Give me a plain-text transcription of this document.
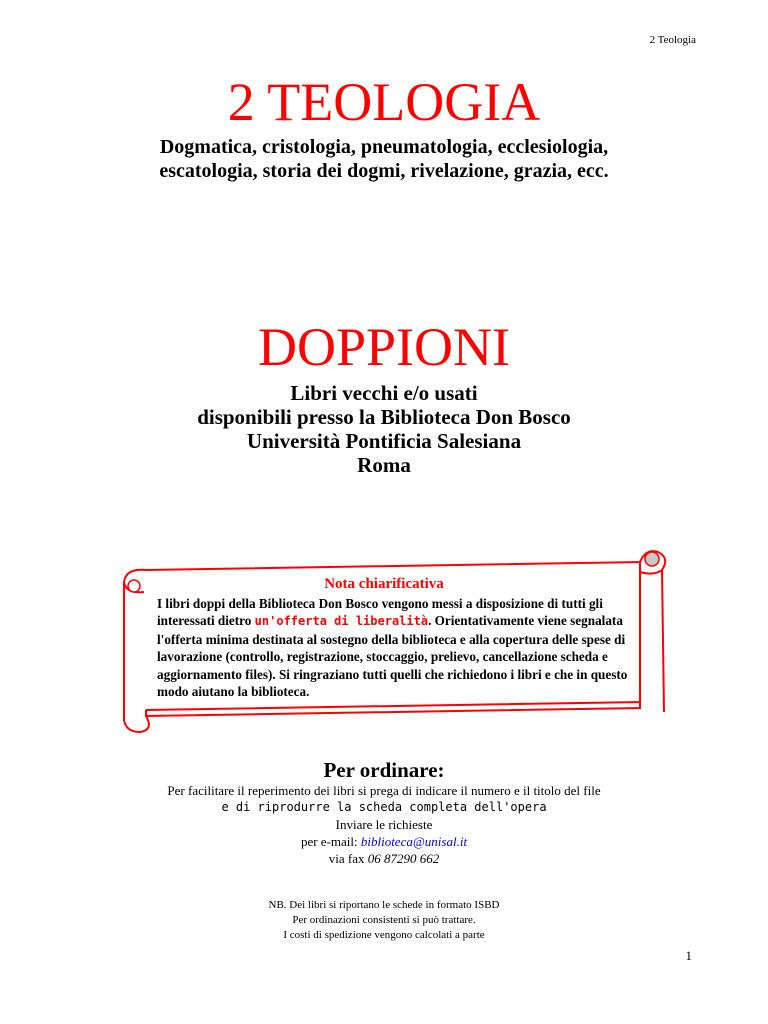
2 Teologia
2 TEOLOGIA
Dogmatica, cristologia, pneumatologia, ecclesiologia,
escatologia, storia dei dogmi, rivelazione, grazia, ecc.
DOPPIONI
Libri vecchi e/o usati
disponibili presso la Biblioteca Don Bosco
Università Pontificia Salesiana
Roma
Nota chiarificativa
I libri doppi della Biblioteca Don Bosco vengono messi a disposizione di tutti gli interessati dietro un'offerta di liberalità. Orientativamente viene segnalata l'offerta minima destinata al sostegno della biblioteca e alla copertura delle spese di lavorazione (controllo, registrazione, stoccaggio, prelievo, cancellazione scheda e aggiornamento files). Si ringraziano tutti quelli che richiedono i libri e che in questo modo aiutano la biblioteca.
Per ordinare:
Per facilitare il reperimento dei libri si prega di indicare il numero e il titolo del file
e di riprodurre la scheda completa dell'opera
Inviare le richieste
per e-mail: biblioteca@unisal.it
via fax 06 87290 662
NB. Dei libri si riportano le schede in formato ISBD
Per ordinazioni consistenti si può trattare.
I costi di spedizione vengono calcolati a parte
1
